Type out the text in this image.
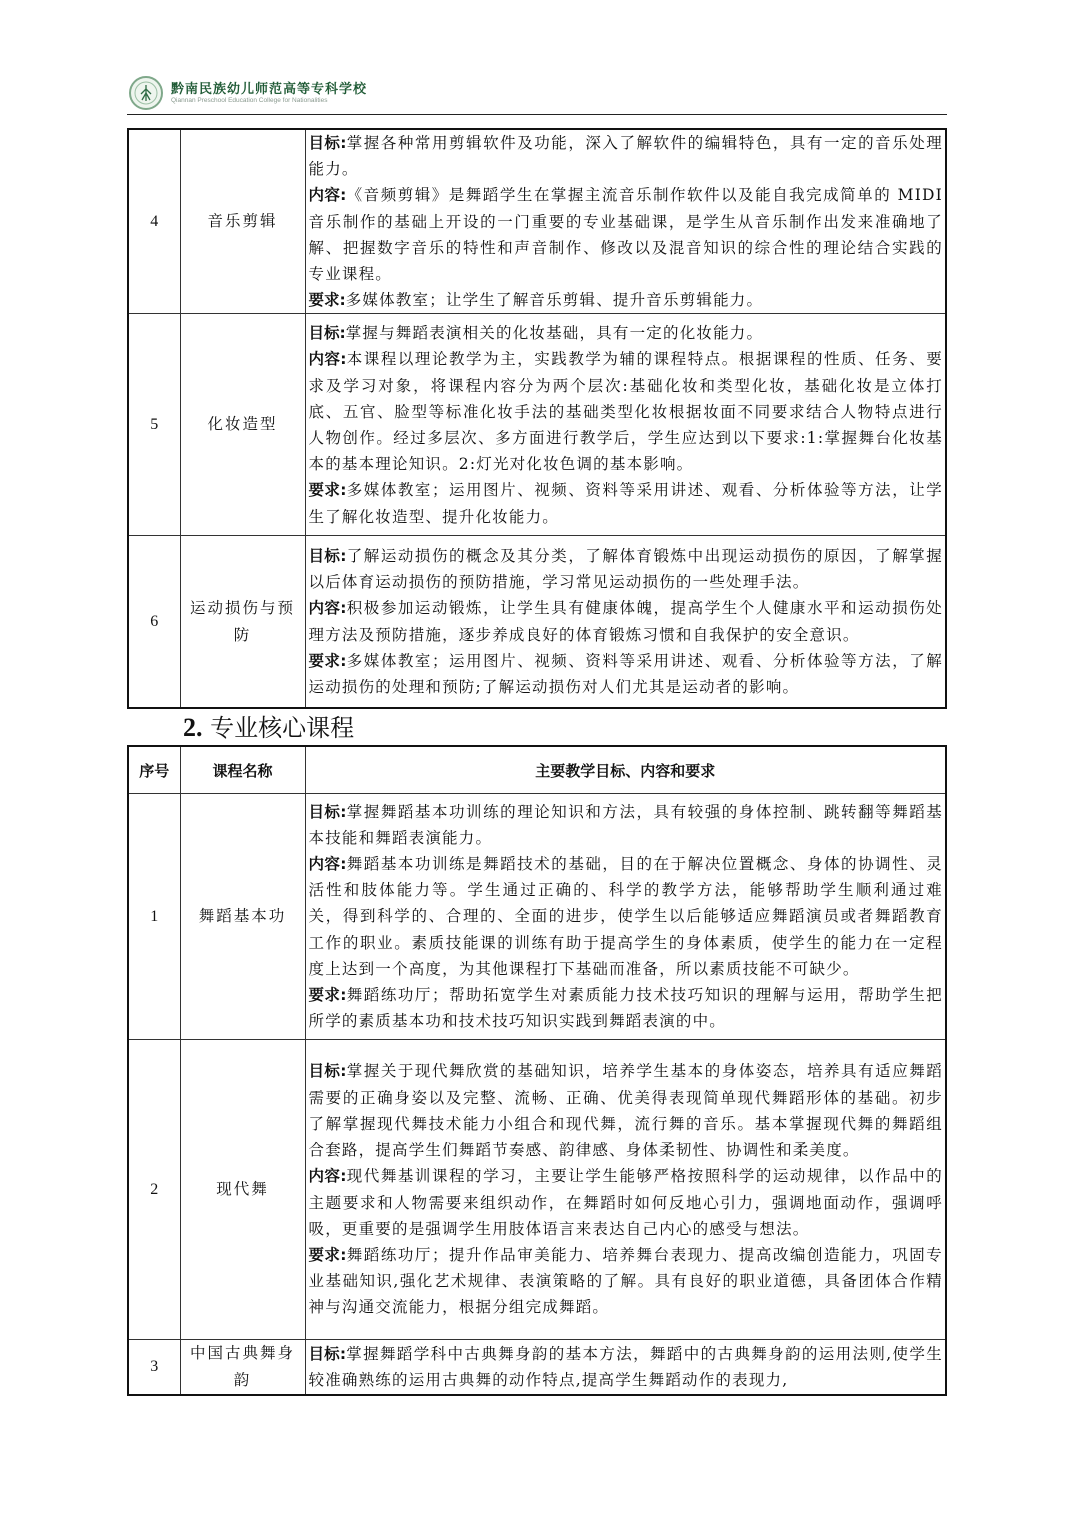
黔南民族幼儿师范高等专科学校
Qiannan Preschool Education College for Nationalities
4	音乐剪辑	目标:掌握各种常用剪辑软件及功能，深入了解软件的编辑特色，具有一定的音乐处理能力。

内容:《音频剪辑》是舞蹈学生在掌握主流音乐制作软件以及能自我完成简单的 MIDI 音乐制作的基础上开设的一门重要的专业基础课，是学生从音乐制作出发来准确地了解、把握数字音乐的特性和声音制作、修改以及混音知识的综合性的理论结合实践的专业课程。

要求:多媒体教室；让学生了解音乐剪辑、提升音乐剪辑能力。

5	化妆造型	目标:掌握与舞蹈表演相关的化妆基础，具有一定的化妆能力。

内容:本课程以理论教学为主，实践教学为辅的课程特点。根据课程的性质、任务、要求及学习对象，将课程内容分为两个层次:基础化妆和类型化妆，基础化妆是立体打底、五官、脸型等标准化妆手法的基础类型化妆根据妆面不同要求结合人物特点进行人物创作。经过多层次、多方面进行教学后，学生应达到以下要求:1:掌握舞台化妆基本的基本理论知识。2:灯光对化妆色调的基本影响。

要求:多媒体教室；运用图片、视频、资料等采用讲述、观看、分析体验等方法，让学生了解化妆造型、提升化妆能力。

6	运动损伤与预防	目标:了解运动损伤的概念及其分类，了解体育锻炼中出现运动损伤的原因，了解掌握以后体育运动损伤的预防措施，学习常见运动损伤的一些处理手法。

内容:积极参加运动锻炼，让学生具有健康体魄，提高学生个人健康水平和运动损伤处理方法及预防措施，逐步养成良好的体育锻炼习惯和自我保护的安全意识。

要求:多媒体教室；运用图片、视频、资料等采用讲述、观看、分析体验等方法，了解运动损伤的处理和预防;了解运动损伤对人们尤其是运动者的影响。

2. 专业核心课程
序号	课程名称	主要教学目标、内容和要求
1	舞蹈基本功	目标:掌握舞蹈基本功训练的理论知识和方法，具有较强的身体控制、跳转翻等舞蹈基本技能和舞蹈表演能力。

内容:舞蹈基本功训练是舞蹈技术的基础，目的在于解决位置概念、身体的协调性、灵活性和肢体能力等。学生通过正确的、科学的教学方法，能够帮助学生顺利通过难关，得到科学的、合理的、全面的进步，使学生以后能够适应舞蹈演员或者舞蹈教育工作的职业。素质技能课的训练有助于提高学生的身体素质，使学生的能力在一定程度上达到一个高度，为其他课程打下基础而准备，所以素质技能不可缺少。

要求:舞蹈练功厅；帮助拓宽学生对素质能力技术技巧知识的理解与运用，帮助学生把所学的素质基本功和技术技巧知识实践到舞蹈表演的中。

2	现代舞	目标:掌握关于现代舞欣赏的基础知识，培养学生基本的身体姿态，培养具有适应舞蹈需要的正确身姿以及完整、流畅、正确、优美得表现简单现代舞蹈形体的基础。初步了解掌握现代舞技术能力小组合和现代舞，流行舞的音乐。基本掌握现代舞的舞蹈组合套路，提高学生们舞蹈节奏感、韵律感、身体柔韧性、协调性和柔美度。

内容:现代舞基训课程的学习，主要让学生能够严格按照科学的运动规律，以作品中的主题要求和人物需要来组织动作，在舞蹈时如何反地心引力，强调地面动作，强调呼吸，更重要的是强调学生用肢体语言来表达自己内心的感受与想法。

要求:舞蹈练功厅；提升作品审美能力、培养舞台表现力、提高改编创造能力，巩固专业基础知识,强化艺术规律、表演策略的了解。具有良好的职业道德，具备团体合作精神与沟通交流能力，根据分组完成舞蹈。

3	中国古典舞身韵	目标:掌握舞蹈学科中古典舞身韵的基本方法，舞蹈中的古典舞身韵的运用法则,使学生较准确熟练的运用古典舞的动作特点,提高学生舞蹈动作的表现力,
